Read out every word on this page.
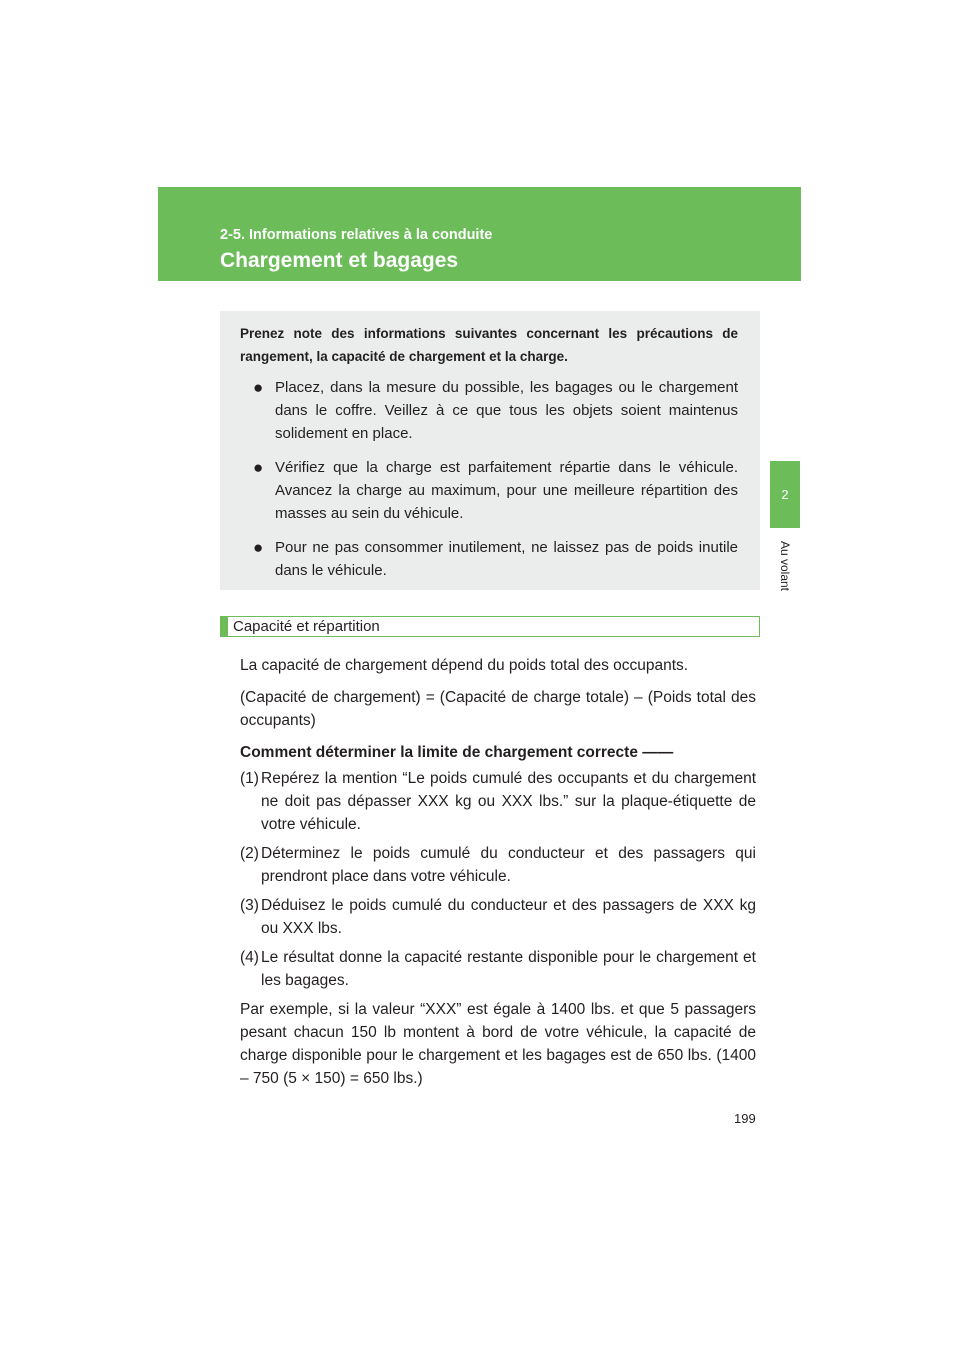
2-5. Informations relatives à la conduite
Chargement et bagages
2
Au volant

Prenez note des informations suivantes concernant les précautions de rangement, la capacité de chargement et la charge.

● Placez, dans la mesure du possible, les bagages ou le chargement dans le coffre. Veillez à ce que tous les objets soient maintenus solidement en place.
● Vérifiez que la charge est parfaitement répartie dans le véhicule. Avancez la charge au maximum, pour une meilleure répartition des masses au sein du véhicule.
● Pour ne pas consommer inutilement, ne laissez pas de poids inutile dans le véhicule.
Capacité et répartition

La capacité de chargement dépend du poids total des occupants.

(Capacité de chargement) = (Capacité de charge totale) – (Poids total des occupants)

Comment déterminer la limite de chargement correcte ——

(1) Repérez la mention “Le poids cumulé des occupants et du chargement ne doit pas dépasser XXX kg ou XXX lbs.” sur la plaque-étiquette de votre véhicule.
(2) Déterminez le poids cumulé du conducteur et des passagers qui prendront place dans votre véhicule.
(3) Déduisez le poids cumulé du conducteur et des passagers de XXX kg ou XXX lbs.
(4) Le résultat donne la capacité restante disponible pour le chargement et les bagages.

Par exemple, si la valeur “XXX” est égale à 1400 lbs. et que 5 passagers pesant chacun 150 lb montent à bord de votre véhicule, la capacité de charge disponible pour le chargement et les bagages est de 650 lbs. (1400 – 750 (5 × 150) = 650 lbs.)

199
